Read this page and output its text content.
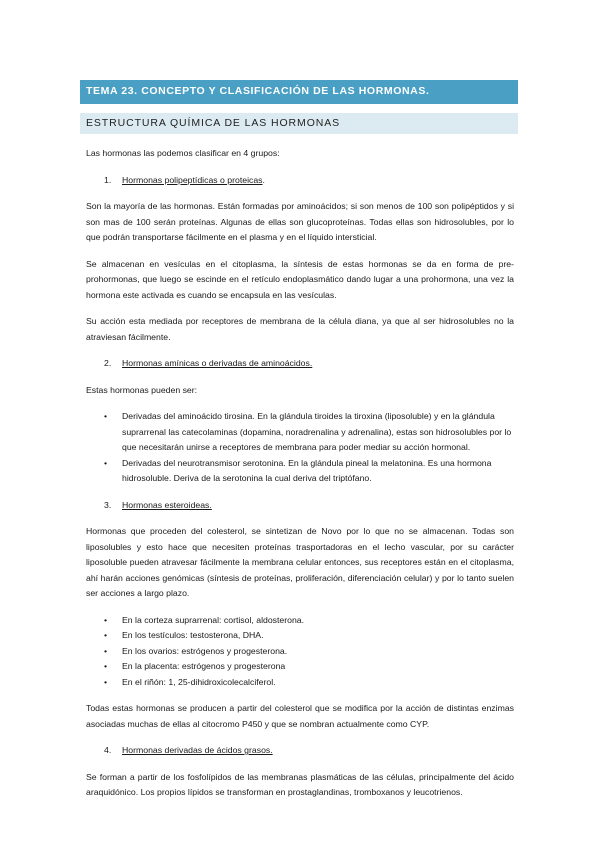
TEMA 23. CONCEPTO Y CLASIFICACIÓN DE LAS HORMONAS.
ESTRUCTURA QUÍMICA DE LAS HORMONAS

Las hormonas las podemos clasificar en 4 grupos:

1.	Hormonas polipeptídicas o proteicas.

Son la mayoría de las hormonas. Están formadas por aminoácidos; si son menos de 100 son polipéptidos y si son mas de 100 serán proteínas. Algunas de ellas son glucoproteínas. Todas ellas son hidrosolubles, por lo que podrán transportarse fácilmente en el plasma y en el líquido intersticial.

Se almacenan en vesículas en el citoplasma, la síntesis de estas hormonas se da en forma de pre-prohormonas, que luego se escinde en el retículo endoplasmático dando lugar a una prohormona, una vez la hormona este activada es cuando se encapsula en las vesículas.

Su acción esta mediada por receptores de membrana de la célula diana, ya que al ser hidrosolubles no la atraviesan fácilmente.

2.	Hormonas amínicas o derivadas de aminoácidos.

Estas hormonas pueden ser:

•	Derivadas del aminoácido tirosina. En la glándula tiroides la tiroxina (liposoluble) y en la glándula suprarrenal las catecolaminas (dopamina, noradrenalina y adrenalina), estas son hidrosolubles por lo que necesitarán unirse a receptores de membrana para poder mediar su acción hormonal.
•	Derivadas del neurotransmisor serotonina. En la glándula pineal la melatonina. Es una hormona hidrosoluble. Deriva de la serotonina la cual deriva del triptófano.
3.	Hormonas esteroideas.

Hormonas que proceden del colesterol, se sintetizan de Novo por lo que no se almacenan. Todas son liposolubles y esto hace que necesiten proteínas trasportadoras en el lecho vascular, por su carácter liposoluble pueden atravesar fácilmente la membrana celular entonces, sus receptores están en el citoplasma, ahí harán acciones genómicas (síntesis de proteínas, proliferación, diferenciación celular) y por lo tanto suelen ser acciones a largo plazo.

•	En la corteza suprarrenal: cortisol, aldosterona.
•	En los testículos: testosterona, DHA.
•	En los ovarios: estrógenos y progesterona.
•	En la placenta: estrógenos y progesterona
•	En el riñón: 1, 25-dihidroxicolecalciferol.

Todas estas hormonas se producen a partir del colesterol que se modifica por la acción de distintas enzimas asociadas muchas de ellas al citocromo P450 y que se nombran actualmente como CYP.

4.	Hormonas derivadas de ácidos grasos.

Se forman a partir de los fosfolípidos de las membranas plasmáticas de las células, principalmente del ácido araquidónico. Los propios lípidos se transforman en prostaglandinas, tromboxanos y leucotrienos.
